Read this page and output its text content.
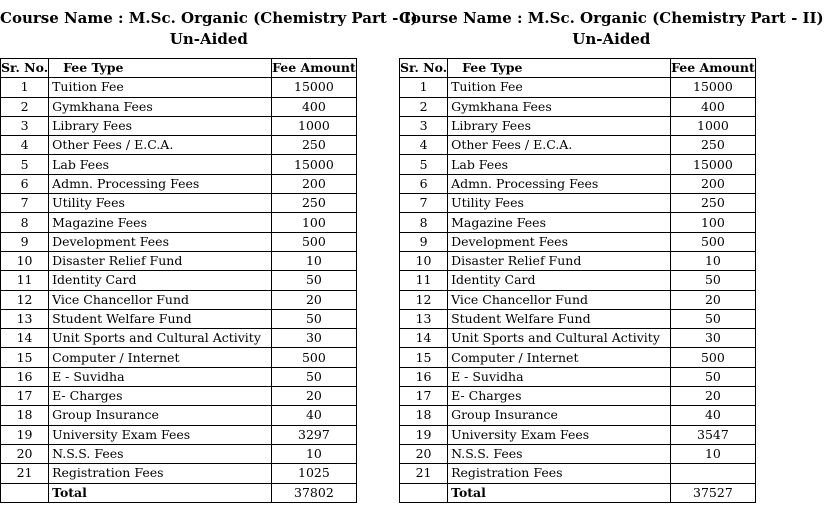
Course Name : M.Sc. Organic (Chemistry Part - I)
Un-Aided
Sr. No.	Fee Type	Fee Amount
1	Tuition Fee	15000
2	Gymkhana Fees	400
3	Library Fees	1000
4	Other Fees / E.C.A.	250
5	Lab Fees	15000
6	Admn. Processing Fees	200
7	Utility Fees	250
8	Magazine Fees	100
9	Development Fees	500
10	Disaster Relief Fund	10
11	Identity Card	50
12	Vice Chancellor Fund	20
13	Student Welfare Fund	50
14	Unit Sports and Cultural Activity	30
15	Computer / Internet	500
16	E - Suvidha	50
17	E- Charges	20
18	Group Insurance	40
19	University Exam Fees	3297
20	N.S.S. Fees	10
21	Registration Fees	1025
	Total	37802
Course Name : M.Sc. Organic (Chemistry Part - II)
Un-Aided
Sr. No.	Fee Type	Fee Amount
1	Tuition Fee	15000
2	Gymkhana Fees	400
3	Library Fees	1000
4	Other Fees / E.C.A.	250
5	Lab Fees	15000
6	Admn. Processing Fees	200
7	Utility Fees	250
8	Magazine Fees	100
9	Development Fees	500
10	Disaster Relief Fund	10
11	Identity Card	50
12	Vice Chancellor Fund	20
13	Student Welfare Fund	50
14	Unit Sports and Cultural Activity	30
15	Computer / Internet	500
16	E - Suvidha	50
17	E- Charges	20
18	Group Insurance	40
19	University Exam Fees	3547
20	N.S.S. Fees	10
21	Registration Fees	
	Total	37527
